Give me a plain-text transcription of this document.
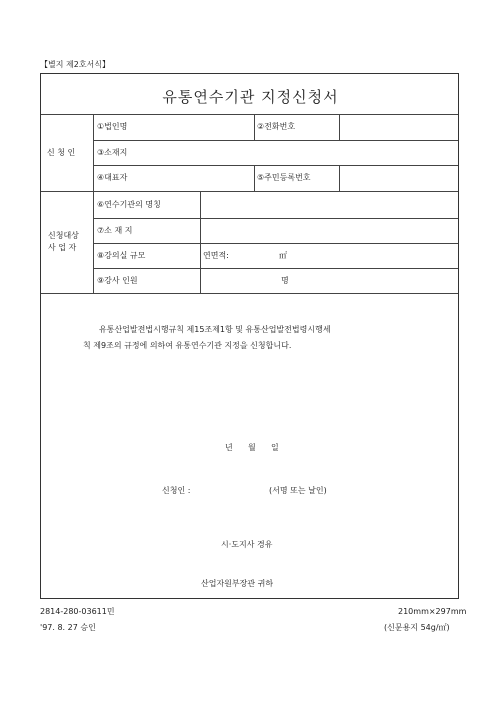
【별지 제2호서식】
유통연수기관 지정신청서
신 청 인
①법인명	②전화번호
③소재지
④대표자	⑤주민등록번호
신청대상
사 업 자
⑥연수기관의 명칭
⑦소 재 지
⑧강의실 규모	연면적:	㎡
⑨강사 인원	명
유통산업발전법시행규칙 제15조제1항 및 유통산업발전법령시행세
칙 제9조의 규정에 의하여 유통연수기관 지정을 신청합니다.
년 월 일
신청인 :	(서명 또는 날인)
시·도지사 경유
산업자원부장관 귀하
2814-280-03611민
'97. 8. 27 승인
210mm×297mm
(신문용지 54g/㎡)
